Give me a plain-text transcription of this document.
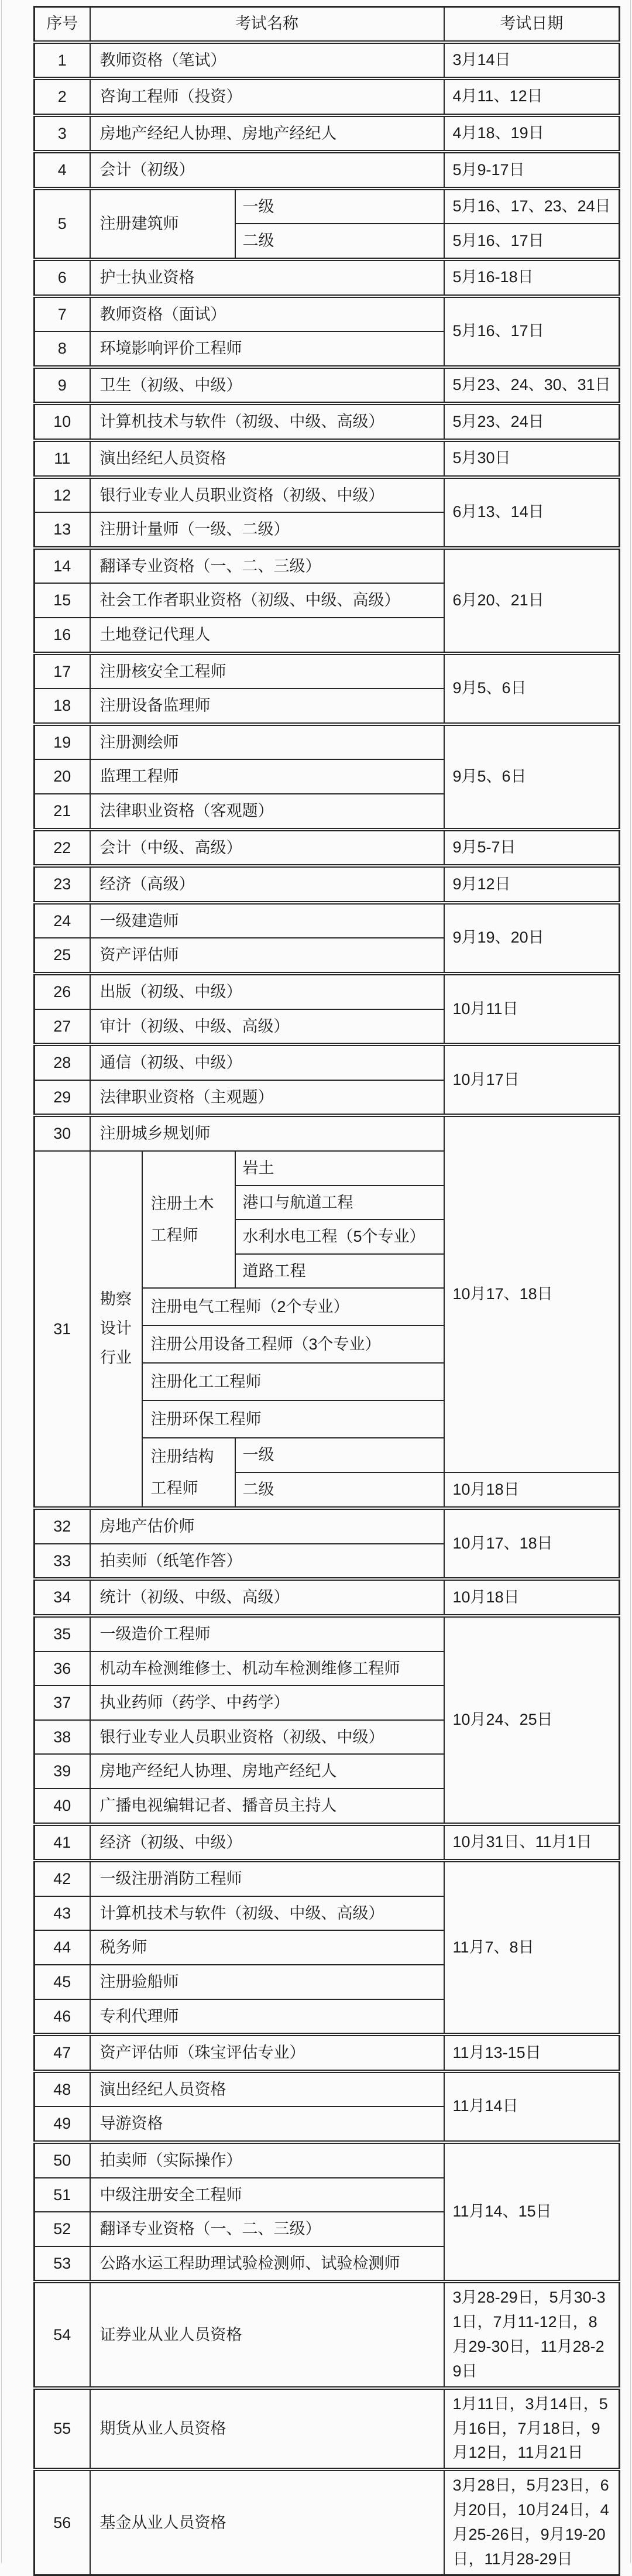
序号	考试名称			考试日期
1	教师资格（笔试）			3月14日
2	咨询工程师（投资）			4月11、12日
3	房地产经纪人协理、房地产经纪人			4月18、19日
4	会计（初级）			5月9-17日
5	注册建筑师		一级	5月16、17、23、24日
			二级	5月16、17日
6	护士执业资格			5月16-18日
7	教师资格（面试）			5月16、17日
8	环境影响评价工程师			
9	卫生（初级、中级）			5月23、24、30、31日
10	计算机技术与软件（初级、中级、高级）			5月23、24日
11	演出经纪人员资格			5月30日
12	银行业专业人员职业资格（初级、中级）			6月13、14日
13	注册计量师（一级、二级）			
14	翻译专业资格（一、二、三级）			6月20、21日
15	社会工作者职业资格（初级、中级、高级）			
16	土地登记代理人			
17	注册核安全工程师			9月5、6日
18	注册设备监理师			
19	注册测绘师			9月5、6日
20	监理工程师			
21	法律职业资格（客观题）			
22	会计（中级、高级）			9月5-7日
23	经济（高级）			9月12日
24	一级建造师			9月19、20日
25	资产评估师			
26	出版（初级、中级）			10月11日
27	审计（初级、中级、高级）			
28	通信（初级、中级）			10月17日
29	法律职业资格（主观题）			
30	注册城乡规划师			10月17、18日
31	勘察设计行业	注册土木工程师	岩土	
			港口与航道工程	
			水利水电工程（5个专业）	
			道路工程	
		注册电气工程师（2个专业）		
		注册公用设备工程师（3个专业）		
		注册化工工程师		
		注册环保工程师		
		注册结构工程师	一级	
			二级	10月18日
32	房地产估价师			10月17、18日
33	拍卖师（纸笔作答）			
34	统计（初级、中级、高级）			10月18日
35	一级造价工程师			10月24、25日
36	机动车检测维修士、机动车检测维修工程师			
37	执业药师（药学、中药学）			
38	银行业专业人员职业资格（初级、中级）			
39	房地产经纪人协理、房地产经纪人			
40	广播电视编辑记者、播音员主持人			
41	经济（初级、中级）			10月31日、11月1日
42	一级注册消防工程师			11月7、8日
43	计算机技术与软件（初级、中级、高级）			
44	税务师			
45	注册验船师			
46	专利代理师			
47	资产评估师（珠宝评估专业）			11月13-15日
48	演出经纪人员资格			11月14日
49	导游资格			
50	拍卖师（实际操作）			11月14、15日
51	中级注册安全工程师			
52	翻译专业资格（一、二、三级）			
53	公路水运工程助理试验检测师、试验检测师			
54	证券业从业人员资格			3月28-29日，5月30-31日，7月11-12日，8月29-30日，11月28-29日
55	期货从业人员资格			1月11日，3月14日，5月16日，7月18日，9月12日，11月21日
56	基金从业人员资格			3月28日，5月23日，6月20日，10月24日，4月25-26日，9月19-20日，11月28-29日
